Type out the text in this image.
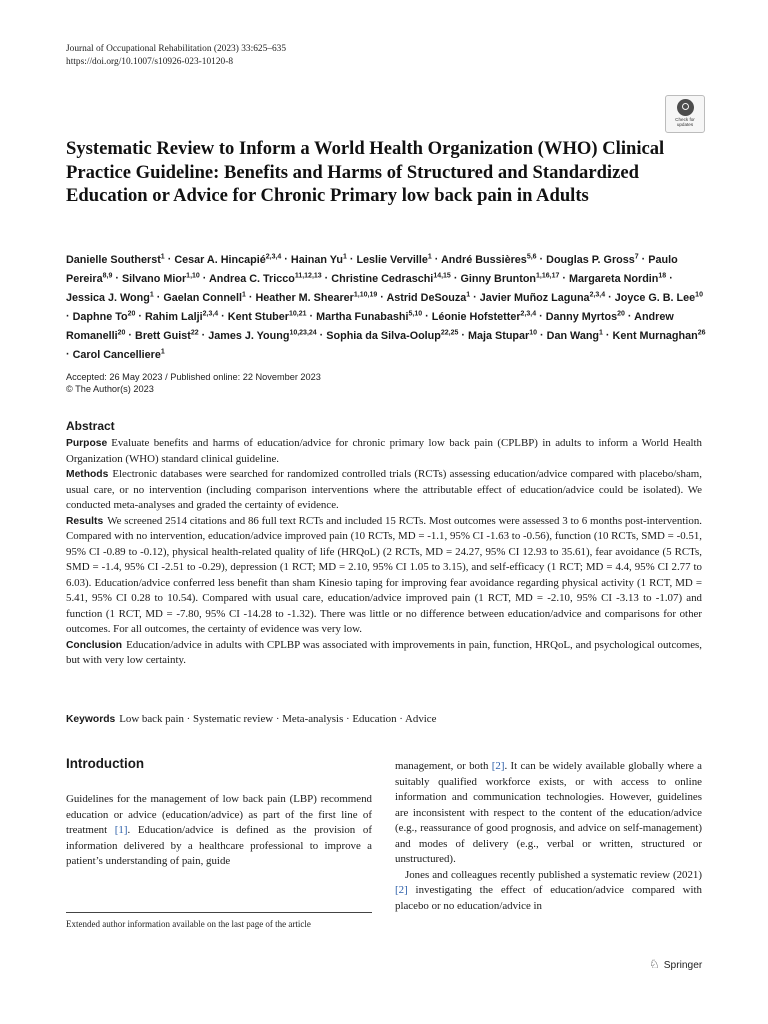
Journal of Occupational Rehabilitation (2023) 33:625–635
https://doi.org/10.1007/s10926-023-10120-8
Check for
updates
Systematic Review to Inform a World Health Organization (WHO) Clinical Practice Guideline: Benefits and Harms of Structured and Standardized Education or Advice for Chronic Primary low back pain in Adults
Danielle Southerst$^1$ · Cesar A. Hincapié$^{2,3,4}$ · Hainan $Yu^1$ · Leslie Verville$^1$ · André Bussières$^{5,6}$ · Douglas P. Gross$^7$ · Paulo Pereira$^{8,9}$ · Silvano Mior$^{1,10}$ · Andrea C. Tricco$^{11,12,13}$ · Christine Cedraschi$^{14,15}$ · Ginny Brunton$^{1,16,17}$ · Margareta Nordin$^{18}$ · Jessica J. Wong$^1$ · Gaelan Connell$^1$ · Heather M. Shearer$^{1,10,19}$ · Astrid DeSouza$^1$ · Javier Muñoz Laguna$^{2,3,4}$ · Joyce G. B. Lee$^{10}$ · Daphne $To^{20}$ · Rahim Lalji$^{2,3,4}$ · Kent Stuber$^{10,21}$ · Martha Funabashi$^{5,10}$ · Léonie Hofstetter$^{2,3,4}$ · Danny Myrtos$^{20}$ · Andrew Romanelli$^{20}$ · Brett Guist$^{22}$ · James J. Young$^{10,23,24}$ · Sophia da Silva-Oolup$^{22,25}$ · Maja Stupar$^{10}$ · Dan Wang$^1$ · Kent Murnaghan$^{26}$ · Carol Cancelliere$^1$
Accepted: 26 May 2023 / Published online: 22 November 2023
© The Author(s) 2023
Abstract

Purpose Evaluate benefits and harms of education/advice for chronic primary low back pain (CPLBP) in adults to inform a World Health Organization (WHO) standard clinical guideline.

Methods Electronic databases were searched for randomized controlled trials (RCTs) assessing education/advice compared with placebo/sham, usual care, or no intervention (including comparison interventions where the attributable effect of education/advice could be isolated). We conducted meta-analyses and graded the certainty of evidence.

Results We screened 2514 citations and 86 full text RCTs and included 15 RCTs. Most outcomes were assessed 3 to 6 months post-intervention. Compared with no intervention, education/advice improved pain (10 RCTs, MD = -1.1, 95% CI -1.63 to -0.56), function (10 RCTs, SMD = -0.51, 95% CI -0.89 to -0.12), physical health-related quality of life (HRQoL) (2 RCTs, MD = 24.27, 95% CI 12.93 to 35.61), fear avoidance (5 RCTs, SMD = -1.4, 95% CI -2.51 to -0.29), depression (1 RCT; MD = 2.10, 95% CI 1.05 to 3.15), and self-efficacy (1 RCT; MD = 4.4, 95% CI 2.77 to 6.03). Education/advice conferred less benefit than sham Kinesio taping for improving fear avoidance regarding physical activity (1 RCT, MD = 5.41, 95% CI 0.28 to 10.54). Compared with usual care, education/advice improved pain (1 RCT, MD = -2.10, 95% CI -3.13 to -1.07) and function (1 RCT, MD = -7.80, 95% CI -14.28 to -1.32). There was little or no difference between education/advice and comparisons for other outcomes. For all outcomes, the certainty of evidence was very low.

Conclusion Education/advice in adults with CPLBP was associated with improvements in pain, function, HRQoL, and psychological outcomes, but with very low certainty.

Keywords Low back pain · Systematic review · Meta-analysis · Education · Advice
Introduction

Guidelines for the management of low back pain (LBP) recommend education or advice (education/advice) as part of the first line of treatment [1]. Education/advice is defined as the provision of information delivered by a healthcare professional to improve a patient’s understanding of pain, guide

management, or both [2]. It can be widely available globally where a suitably qualified workforce exists, or with access to online information and communication technologies. However, guidelines are inconsistent with respect to the content of the education/advice (e.g., reassurance of good prognosis, and advice on self-management) and modes of delivery (e.g., verbal or written, structured or unstructured).

Jones and colleagues recently published a systematic review (2021) [2] investigating the effect of education/advice compared with placebo or no education/advice in

Extended author information available on the last page of the article
♘ Springer
